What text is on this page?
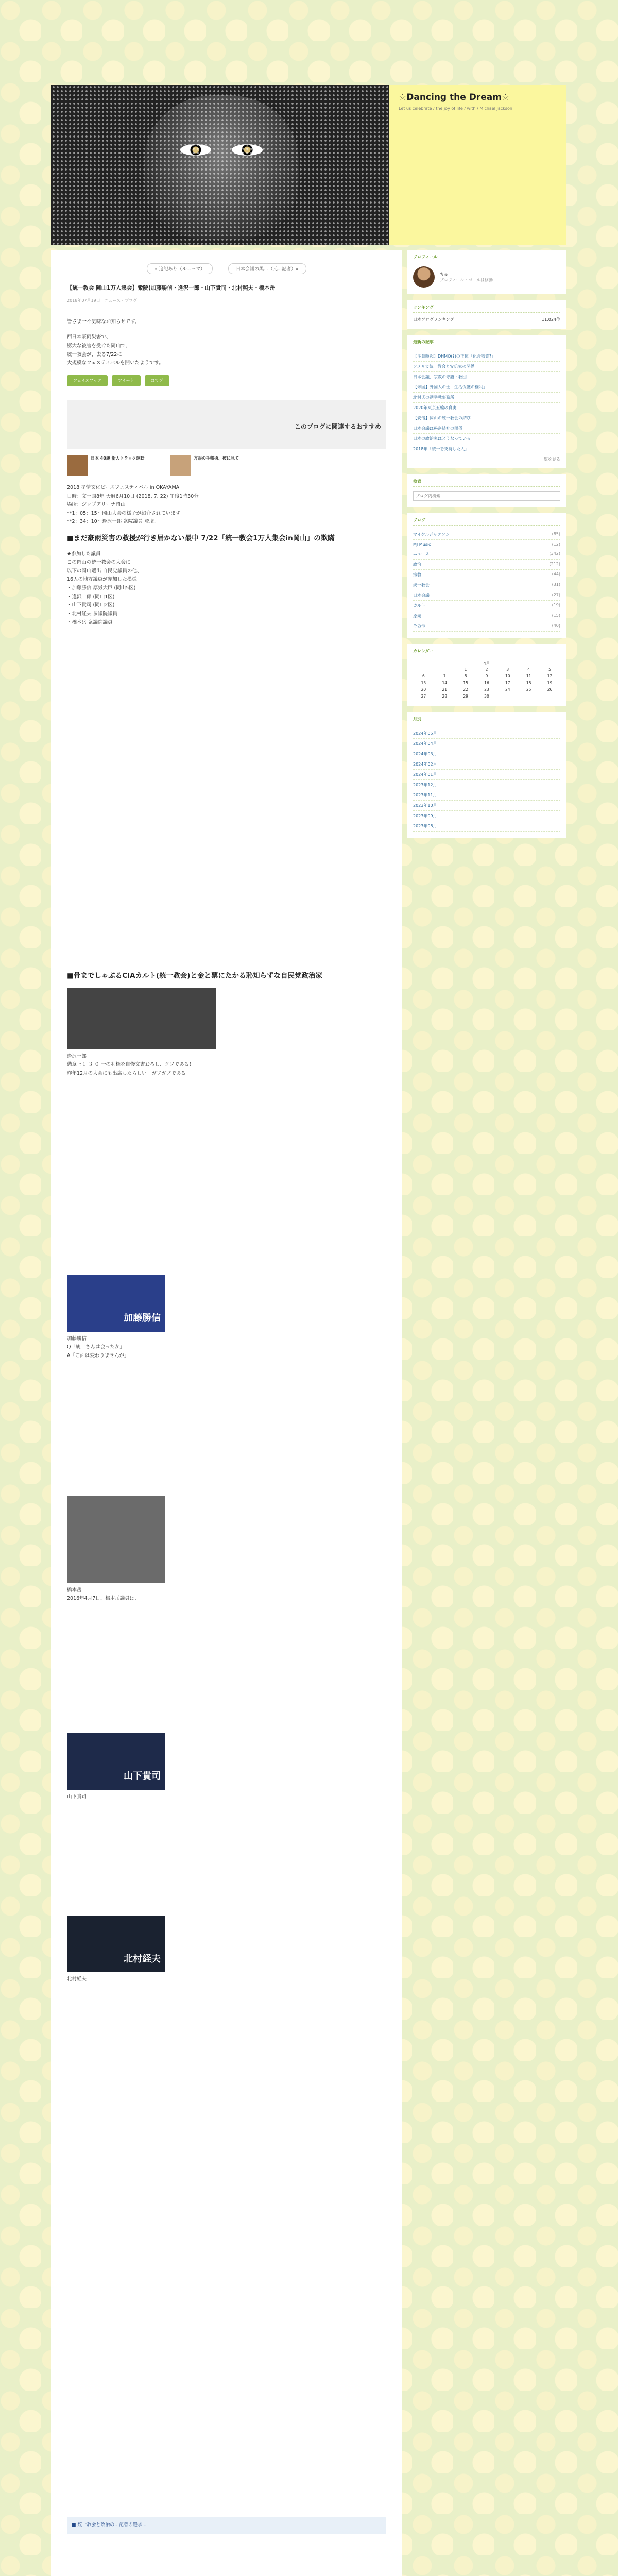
☆Dancing the Dream☆
Let us celebrate / the joy of life / with / Michael Jackson
« 追記あり（ル...ーマ）	日本会議の黒...（元...記者）»
【統一教会 岡山1万人集会】衆院(加藤勝信・逢沢一郎・山下貴司・北村照夫・橋本岳
2018年07月19日 | ニュース・ブログ

皆さま一不気味なお知らせです。

西日本豪雨災害で、
膨大な被害を受けた岡山で、
統一教会が、去る7/22に
大規模なフェスティバルを開いたようです。

フェイスブック	ツイート	はてブ
このブログに関連するおすすめ
日本 40歳 新入トラック運転	方眼の手帳術、彼に見て

2018 孝情文化ピースフェスティバル in OKAYAMA
日時：文一国8年 天暦6月10日 (2018. 7. 22) 午後1時30分
場所：ジップアリーナ岡山
**1：05：15～岡山大会の様子が紹介されています
**2：34：10～逢沢一郎 衆院議員 登壇。

■まだ豪雨災害の救援が行き届かない最中 7/22「統一教会1万人集会in岡山」の欺瞞

★参加した議員
この岡山の統一教会の大会に
以下の岡山選出 自民党議員の他、
16人の地方議員が参加した模様
・加藤勝信 厚労大臣 (岡山5区)
・逢沢一郎 (岡山1区)
・山下貴司 (岡山2区)
・北村経夫 参議院議員
・橋本岳 衆議院議員

■骨までしゃぶるCIAカルト(統一教会)と金と票にたかる恥知らずな自民党政治家

逢沢一郎
勲章上１ ３ ０ 一の利権を自慢文書おろし、クソである！
昨年12月の大会にも出席したらしい。ガブガブである。

加藤勝信

加藤勝信
Q「統一さんは会ったか」
A「ご面は変わりませんが」

橋本岳
2016年4月7日、橋本岳議員は、

山下貴司

山下貴司

北村経夫

北村経夫

■ 統一教会と政治の...記者の選挙...
プロフィール
ちゅ
プロフィール・ゴールは移動
ランキング
日本ブログランキング	11,024位
最新の記事
【注意喚起】DHMO(?)の正体「化合物質?」
アメリカ統一教会と安倍家の関係
日本会議、宗教の守護・教団
【米国】外国人の士「生活保護の権利」
北村氏の選挙戦事務所
2020年東京五輪の真実
【安倍】岡山の統一教会の結び
日本会議は秘密結社の関係
日本の政治家はどうなっている
2018年「統一を支持した人」
一覧を見る
検索
ブログ内検索
ブログ
マイケルジャクソン	(85)
MJ Music	(12)
ニュース	(342)
政治	(212)
宗教	(44)
統一教会	(31)
日本会議	(27)
カルト	(19)
原発	(15)
その他	(40)
カレンダー
4月
		1	2	3	4	5
6	7	8	9	10	11	12
13	14	15	16	17	18	19
20	21	22	23	24	25	26
27	28	29	30			
月別
2024年05月
2024年04月
2024年03月
2024年02月
2024年01月
2023年12月
2023年11月
2023年10月
2023年09月
2023年08月
